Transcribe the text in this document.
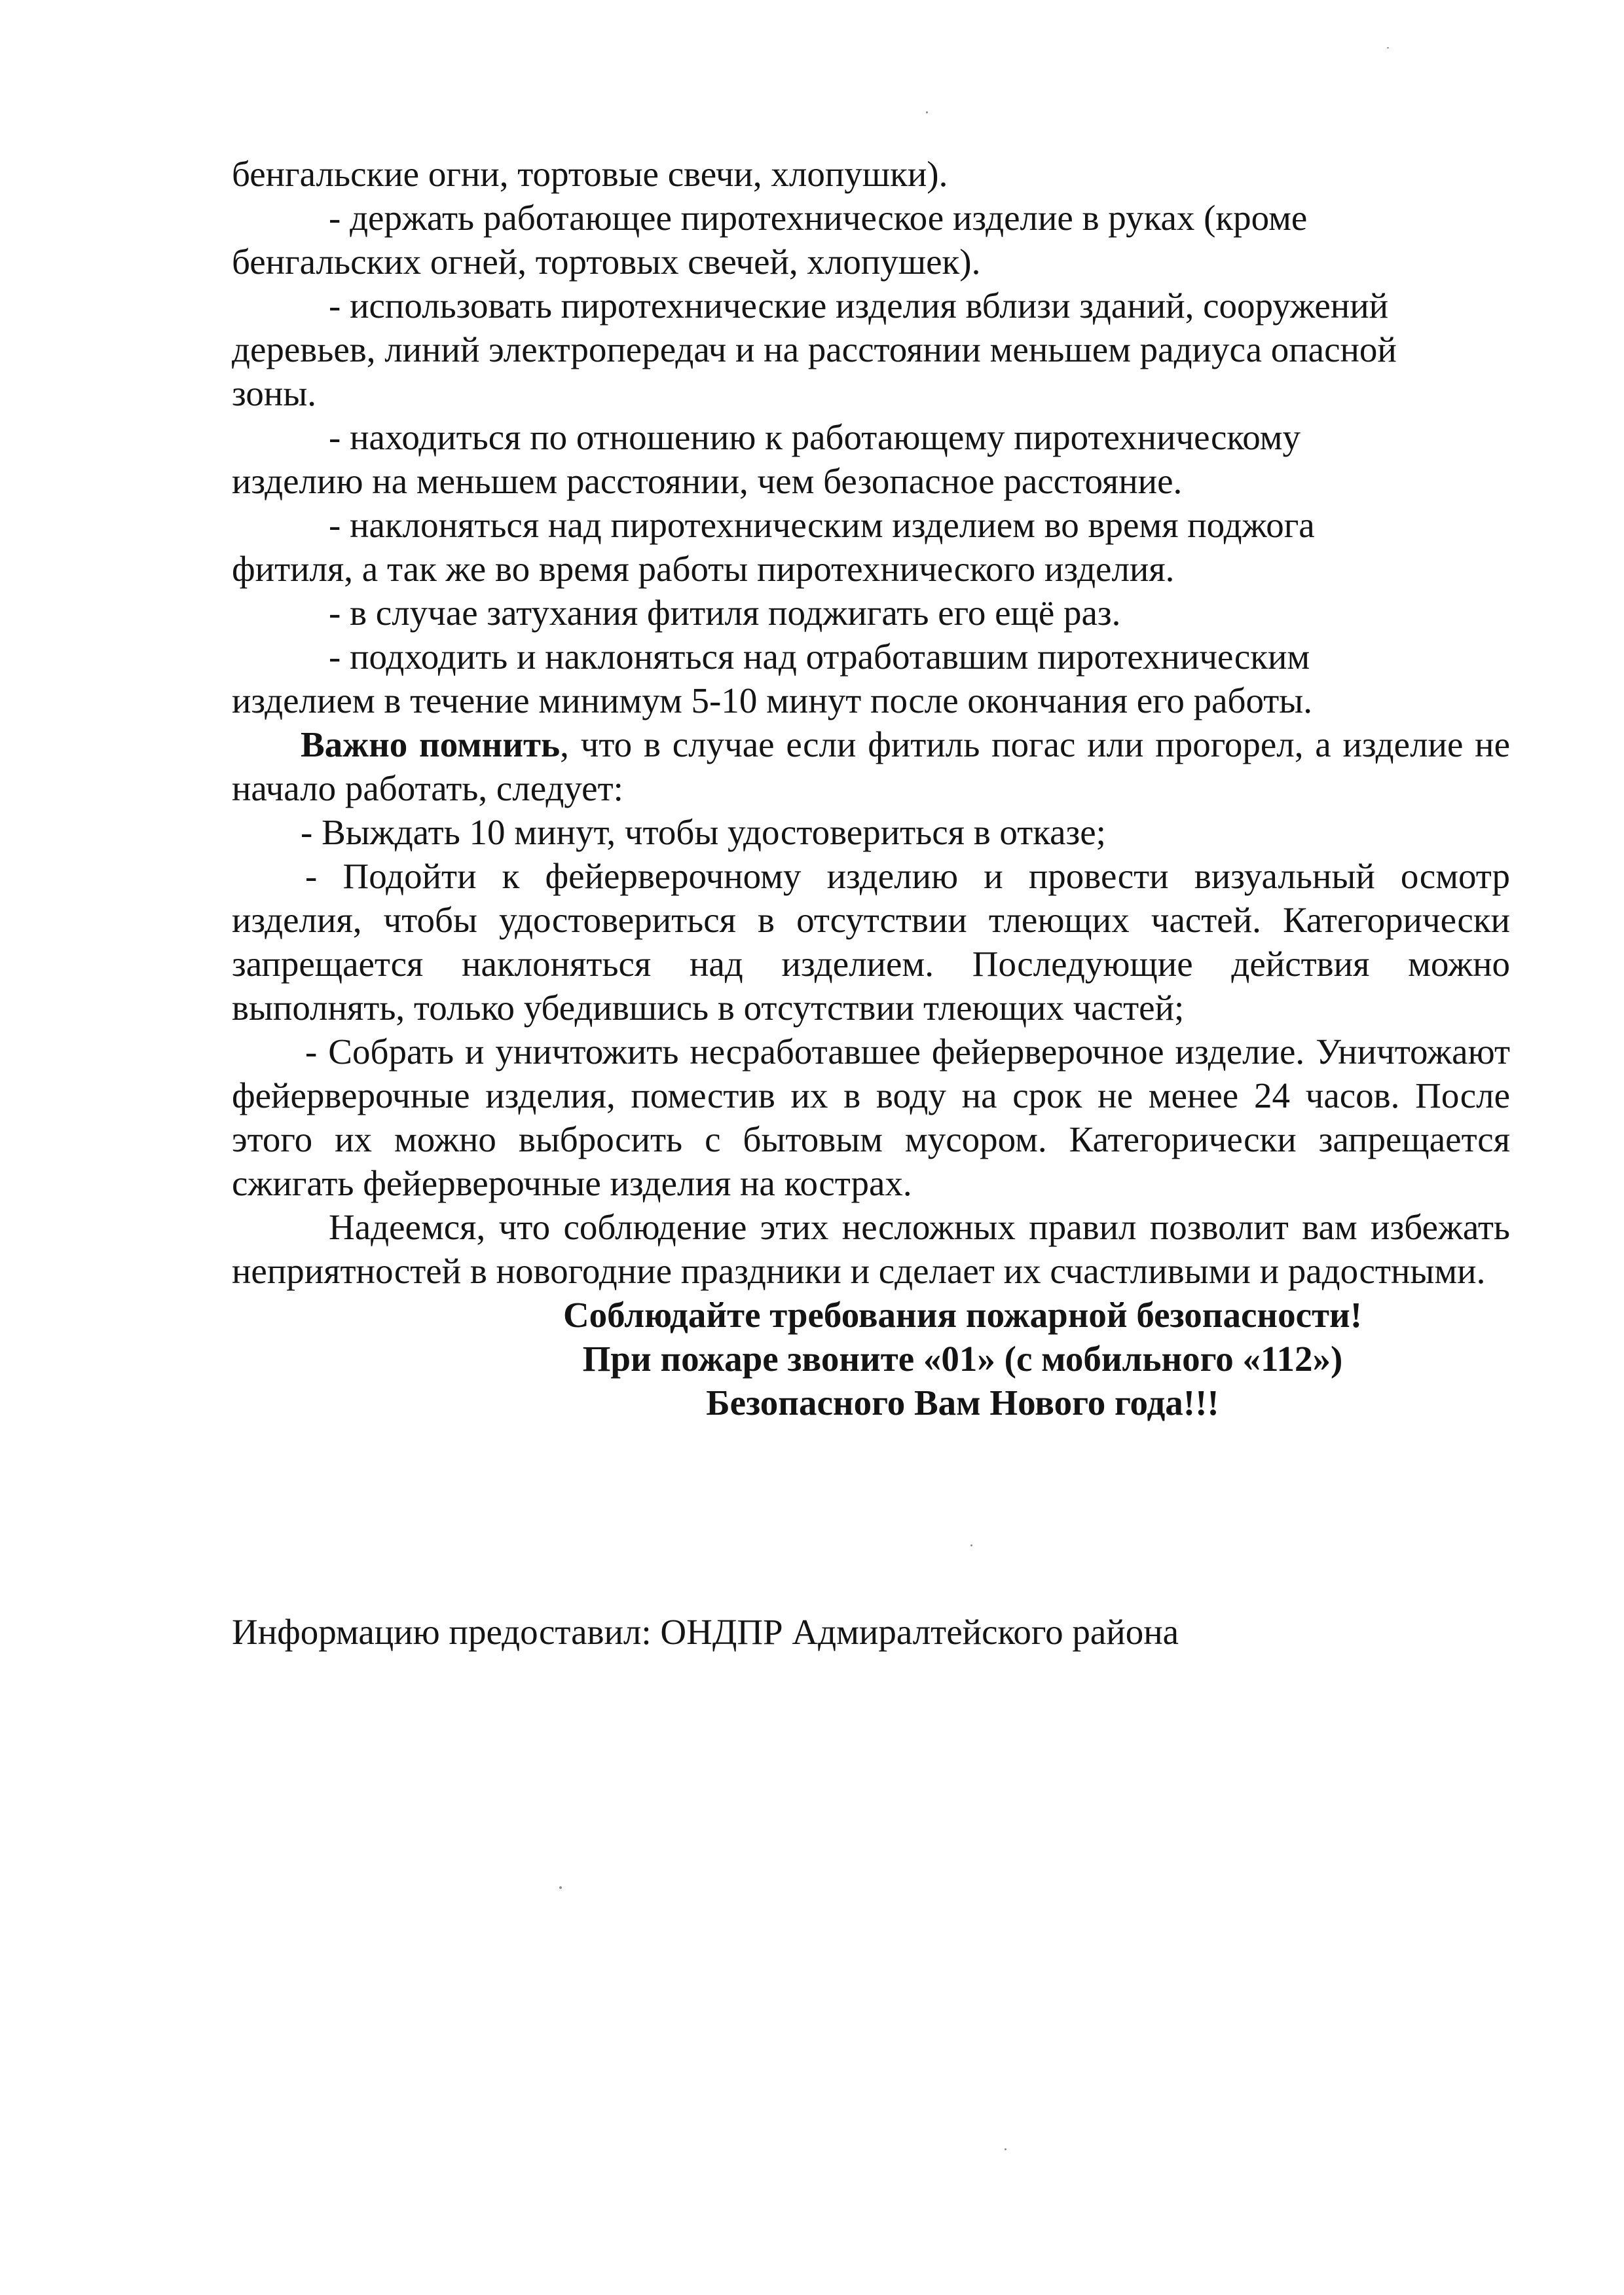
бенгальские огни, тортовые свечи, хлопушки).

- держать работающее пиротехническое изделие в руках (кроме

бенгальских огней, тортовых свечей, хлопушек).

- использовать пиротехнические изделия вблизи зданий, сооружений

деревьев, линий электропередач и на расстоянии меньшем радиуса опасной

зоны.

- находиться по отношению к работающему пиротехническому

изделию на меньшем расстоянии, чем безопасное расстояние.

- наклоняться над пиротехническим изделием во время поджога

фитиля, а так же во время работы пиротехнического изделия.

- в случае затухания фитиля поджигать его ещё раз.

- подходить и наклоняться над отработавшим пиротехническим

изделием в течение минимум 5-10 минут после окончания его работы.

Важно помнить, что в случае если фитиль погас или прогорел, а изделие не начало работать, следует:

- Выждать 10 минут, чтобы удостовериться в отказе;

- Подойти к фейерверочному изделию и провести визуальный осмотр изделия, чтобы удостовериться в отсутствии тлеющих частей. Категорически запрещается наклоняться над изделием. Последующие действия можно выполнять, только убедившись в отсутствии тлеющих частей;

- Собрать и уничтожить несработавшее фейерверочное изделие. Уничтожают фейерверочные изделия, поместив их в воду на срок не менее 24 часов. После этого их можно выбросить с бытовым мусором. Категорически запрещается сжигать фейерверочные изделия на кострах.

Надеемся, что соблюдение этих несложных правил позволит вам избежать неприятностей в новогодние праздники и сделает их счастливыми и радостными.

Соблюдайте требования пожарной безопасности!

При пожаре звоните «01» (с мобильного «112»)

Безопасного Вам Нового года!!!

Информацию предоставил: ОНДПР Адмиралтейского района
